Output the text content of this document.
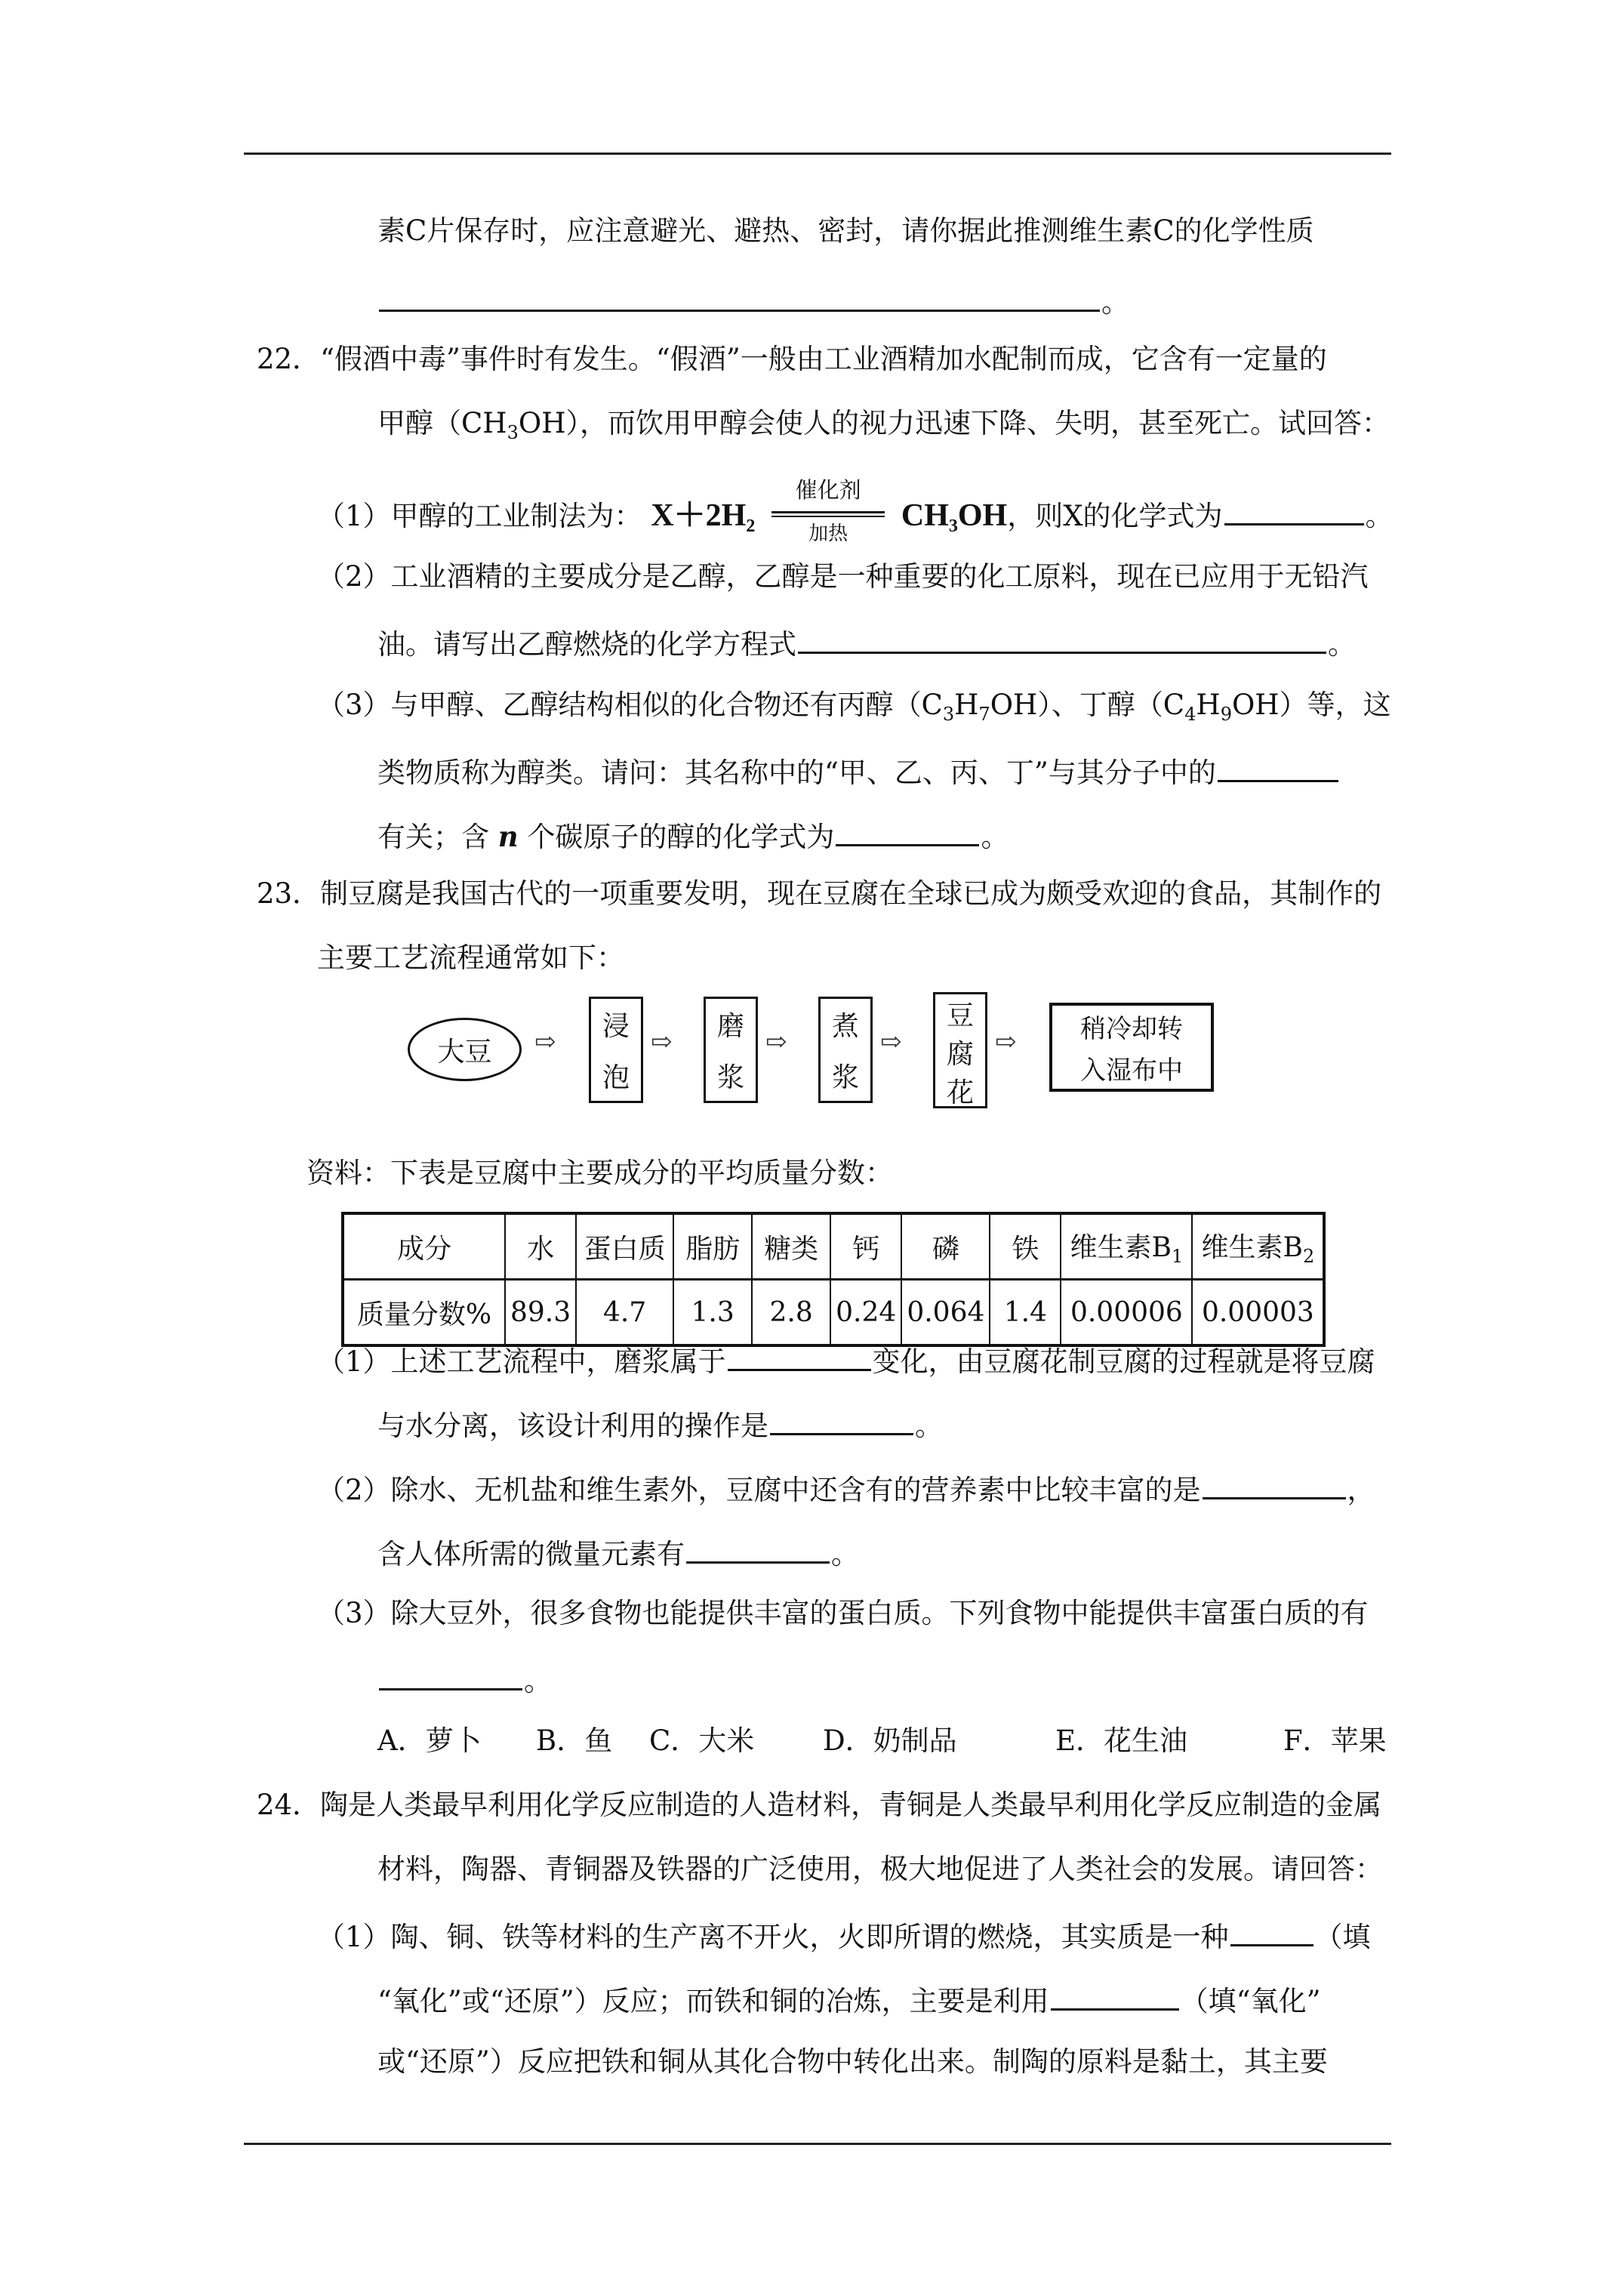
素C片保存时，应注意避光、避热、密封，请你据此推测维生素C的化学性质
。
22．“假酒中毒”事件时有发生。“假酒”一般由工业酒精加水配制而成，它含有一定量的
甲醇$(CH_3OH)$，而饮用甲醇会使人的视力迅速下降、失明，甚至死亡。试回答：
（1）甲醇的工业制法为： $X+2H_2$
催化剂
加热
$CH_3OH$，则X的化学式为	。
（2）工业酒精的主要成分是乙醇，乙醇是一种重要的化工原料，现在已应用于无铅汽
油。请写出乙醇燃烧的化学方程式	。
（3）与甲醇、乙醇结构相似的化合物还有丙醇$(C_3H_7OH)$、丁醇$(C_4H_9OH)$等，这
类物质称为醇类。请问：其名称中的“甲、乙、丙、丁”与其分子中的
有关；含 n 个碳原子的醇的化学式为	。
23．制豆腐是我国古代的一项重要发明，现在豆腐在全球已成为颇受欢迎的食品，其制作的
主要工艺流程通常如下：
大豆 ⇨ 浸
泡
⇨ 磨
浆
⇨ 煮
浆
⇨
豆
腐
花
⇨ 稍冷却转
入湿布中
资料：下表是豆腐中主要成分的平均质量分数：
成分	水	蛋白质	脂肪	糖类	钙	磷	铁	维生素$B_1$	维生素$B_2$
质量分数%	89.3	4.7	1.3	2.8	0.24	0.064	1.4	0.00006	0.00003
（1）上述工艺流程中，磨浆属于	变化，由豆腐花制豆腐的过程就是将豆腐
与水分离，该设计利用的操作是	。
（2）除水、无机盐和维生素外，豆腐中还含有的营养素中比较丰富的是	，
含人体所需的微量元素有	。
（3）除大豆外，很多食物也能提供丰富的蛋白质。下列食物中能提供丰富蛋白质的有
。
A．萝卜 B．鱼 C．大米 D．奶制品	E．花生油	F．苹果
24．陶是人类最早利用化学反应制造的人造材料，青铜是人类最早利用化学反应制造的金属
材料，陶器、青铜器及铁器的广泛使用，极大地促进了人类社会的发展。请回答：
（1）陶、铜、铁等材料的生产离不开火，火即所谓的燃烧，其实质是一种	（填
“氧化”或“还原”）反应；而铁和铜的冶炼，主要是利用	（填“氧化”
或“还原”）反应把铁和铜从其化合物中转化出来。制陶的原料是黏土，其主要
